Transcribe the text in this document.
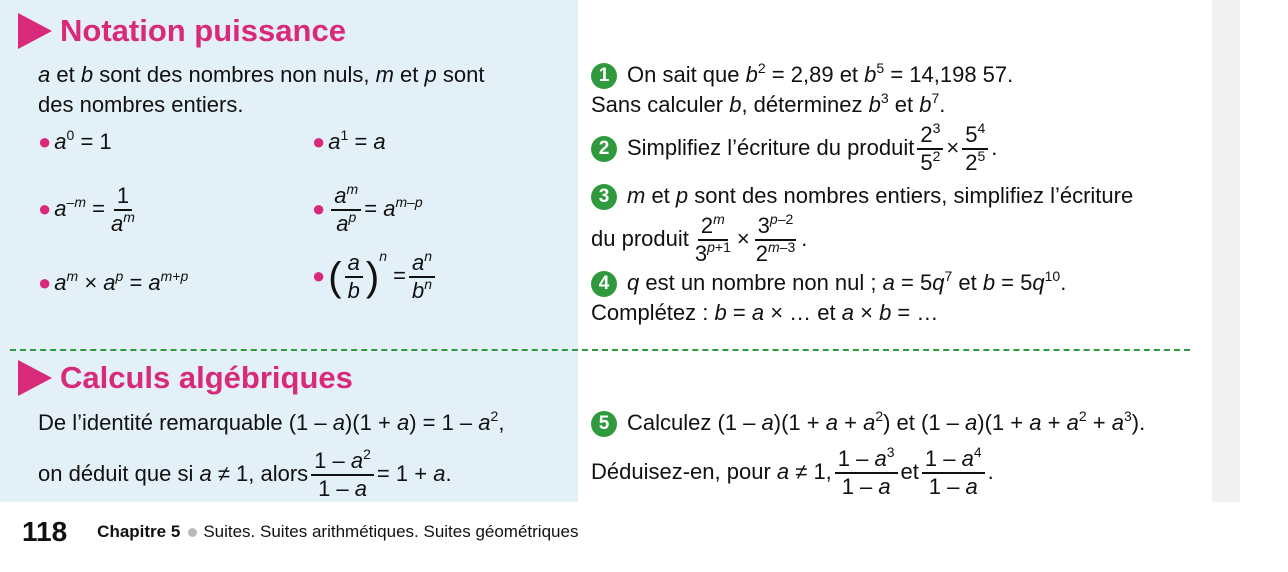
Notation puissance
a et b sont des nombres non nuls, m et p sont
des nombres entiers.
● $a^0 = 1$	● $a^1 = a$
● $a^{-m} = \frac{1}{a^m}$	● $\frac{a^m}{a^p} = a^{m-p}$
● $a^m \times a^p = a^{m+p}$	●( $\frac{a}{b} )^n = \frac{a^n}{b^n}$
1 On sait que $b^2 = 2,89$ et $b^5 = 14,198$ 57.
Sans calculer b, déterminez $b^3$ et $b^7$.
2 Simplifiez l’écriture du produit $\frac{2^3}{5^2} \times \frac{5^4}{2^5}$ .
3 m et p sont des nombres entiers, simplifiez l’écriture
du produit $\frac{2^m}{3^{p+1}} \times \frac{3^{p-2}}{2^{m-3}}$ .
4 q est un nombre non nul ; $a = 5q^7$ et $b = 5q^{10}$.
Complétez : b = a × … et a × b = …
Calculs algébriques
De l’identité remarquable $(1 - a)(1 + a) = 1 - a^2$,
on déduit que si a ≠ 1, alors $\frac{1 - a^2}{1 - a} = 1 + a$.
5 Calculez $(1 - a)(1 + a + a^2)$ et $(1 - a)(1 + a + a^2 + a^3)$.
Déduisez-en, pour a ≠ 1, $\frac{1 - a^3}{1 - a}$ et $\frac{1 - a^4}{1 - a}$ .
118 Chapitre 5 Suites. Suites arithmétiques. Suites géométriques
